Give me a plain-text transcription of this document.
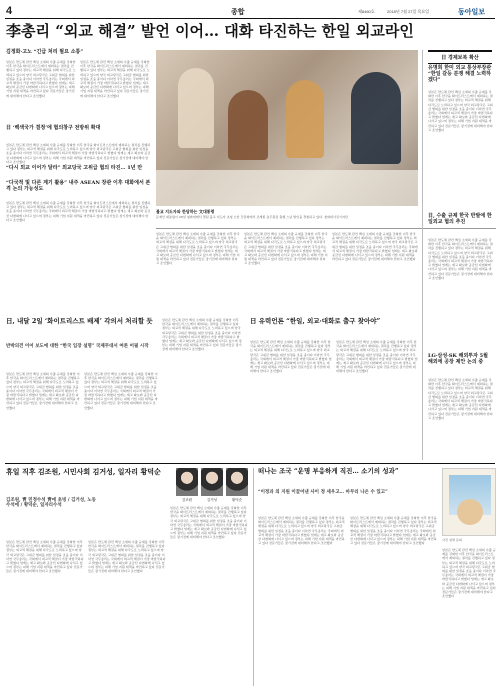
4	종합	제8460호	2018년 7월 27일 목요일	동아일보
李총리 “외교 해결” 발언 이어… 대화 타진하는 한일 외교라인
김정화·고노 “긴급 처리 필요 소통”
일본은 반도체 관련 핵심 소재의 수출 규제를 강화한 이후 한국을 화이트리스트에서 제외하는 절차를 진행하고 있다 정부는 외교적 해결을 위해 다각도로 노력하고 있으며 양국 외교당국은 고위급 협의를 위한 일정을 조율 중이다 이낙연 국무총리는 국회에서 외교적 해결이 가장 바람직하다고 밝혔다 업계는 재고 확보와 공급선 다변화에 나서고 있으며 정부는 피해 기업 지원 대책을 마련하고 있다 전문가들은 장기전에 대비해야 한다고 조언했다
일본은 반도체 관련 핵심 소재의 수출 규제를 강화한 이후 한국을 화이트리스트에서 제외하는 절차를 진행하고 있다 정부는 외교적 해결을 위해 다각도로 노력하고 있으며 양국 외교당국은 고위급 협의를 위한 일정을 조율 중이다 이낙연 국무총리는 국회에서 외교적 해결이 가장 바람직하다고 밝혔다 업계는 재고 확보와 공급선 다변화에 나서고 있으며 정부는 피해 기업 지원 대책을 마련하고 있다 전문가들은 장기전에 대비해야 한다고 조언했다
日 ‘백색국가 결정’에 협의창구 전방위 확대
일본은 반도체 관련 핵심 소재의 수출 규제를 강화한 이후 한국을 화이트리스트에서 제외하는 절차를 진행하고 있다 정부는 외교적 해결을 위해 다각도로 노력하고 있으며 양국 외교당국은 고위급 협의를 위한 일정을 조율 중이다 이낙연 국무총리는 국회에서 외교적 해결이 가장 바람직하다고 밝혔다 업계는 재고 확보와 공급선 다변화에 나서고 있으며 정부는 피해 기업 지원 대책을 마련하고 있다 전문가들은 장기전에 대비해야 한다고 조언했다
“다시 외교 이어가 달라” 외교당국 고위급 협의 타진… 1년 만
“다국적 및 다른 계기 활용” 내주 ASEAN 장관 이후 대화에서 본격 논의 가능성도
일본은 반도체 관련 핵심 소재의 수출 규제를 강화한 이후 한국을 화이트리스트에서 제외하는 절차를 진행하고 있다 정부는 외교적 해결을 위해 다각도로 노력하고 있으며 양국 외교당국은 고위급 협의를 위한 일정을 조율 중이다 이낙연 국무총리는 국회에서 외교적 해결이 가장 바람직하다고 밝혔다 업계는 재고 확보와 공급선 다변화에 나서고 있으며 정부는 피해 기업 지원 대책을 마련하고 있다 전문가들은 장기전에 대비해야 한다고 조언했다
불교 지도자와 한담하는 文대통령
문재인 대통령이 26일 청와대에서 열린 불교 지도자 초청 오찬 간담회에서 조계종 총무원장 원행 스님 발언을 경청하고 있다. 청와대사진기자단
日, 내달 2일 ‘화이트리스트 배제’ 각의서 처리할 듯
반박의견 이어 보도에 대한 “한국 입장 설명” 국제무대서 여론 어필 시작
일본은 반도체 관련 핵심 소재의 수출 규제를 강화한 이후 한국을 화이트리스트에서 제외하는 절차를 진행하고 있다 정부는 외교적 해결을 위해 다각도로 노력하고 있으며 양국 외교당국은 고위급 협의를 위한 일정을 조율 중이다 이낙연 국무총리는 국회에서 외교적 해결이 가장 바람직하다고 밝혔다 업계는 재고 확보와 공급선 다변화에 나서고 있으며 정부는 피해 기업 지원 대책을 마련하고 있다 전문가들은 장기전에 대비해야 한다고 조언했다
일본은 반도체 관련 핵심 소재의 수출 규제를 강화한 이후 한국을 화이트리스트에서 제외하는 절차를 진행하고 있다 정부는 외교적 해결을 위해 다각도로 노력하고 있으며 양국 외교당국은 고위급 협의를 위한 일정을 조율 중이다 이낙연 국무총리는 국회에서 외교적 해결이 가장 바람직하다고 밝혔다 업계는 재고 확보와 공급선 다변화에 나서고 있으며 정부는 피해 기업 지원 대책을 마련하고 있다 전문가들은 장기전에 대비해야 한다고 조언했다
일본은 반도체 관련 핵심 소재의 수출 규제를 강화한 이후 한국을 화이트리스트에서 제외하는 절차를 진행하고 있다 정부는 외교적 해결을 위해 다각도로 노력하고 있으며 양국 외교당국은 고위급 협의를 위한 일정을 조율 중이다 이낙연 국무총리는 국회에서 외교적 해결이 가장 바람직하다고 밝혔다 업계는 재고 확보와 공급선 다변화에 나서고 있으며 정부는 피해 기업 지원 대책을 마련하고 있다 전문가들은 장기전에 대비해야 한다고 조언했다
일본은 반도체 관련 핵심 소재의 수출 규제를 강화한 이후 한국을 화이트리스트에서 제외하는 절차를 진행하고 있다 정부는 외교적 해결을 위해 다각도로 노력하고 있으며 양국 외교당국은 고위급 협의를 위한 일정을 조율 중이다 이낙연 국무총리는 국회에서 외교적 해결이 가장 바람직하다고 밝혔다 업계는 재고 확보와 공급선 다변화에 나서고 있으며 정부는 피해 기업 지원 대책을 마련하고 있다 전문가들은 장기전에 대비해야 한다고 조언했다
일본은 반도체 관련 핵심 소재의 수출 규제를 강화한 이후 한국을 화이트리스트에서 제외하는 절차를 진행하고 있다 정부는 외교적 해결을 위해 다각도로 노력하고 있으며 양국 외교당국은 고위급 협의를 위한 일정을 조율 중이다 이낙연 국무총리는 국회에서 외교적 해결이 가장 바람직하다고 밝혔다 업계는 재고 확보와 공급선 다변화에 나서고 있으며 정부는 피해 기업 지원 대책을 마련하고 있다 전문가들은 장기전에 대비해야 한다고 조언했다
일본은 반도체 관련 핵심 소재의 수출 규제를 강화한 이후 한국을 화이트리스트에서 제외하는 절차를 진행하고 있다 정부는 외교적 해결을 위해 다각도로 노력하고 있으며 양국 외교당국은 고위급 협의를 위한 일정을 조율 중이다 이낙연 국무총리는 국회에서 외교적 해결이 가장 바람직하다고 밝혔다 업계는 재고 확보와 공급선 다변화에 나서고 있으며 정부는 피해 기업 지원 대책을 마련하고 있다 전문가들은 장기전에 대비해야 한다고 조언했다
日 유력언론 “한일, 외교·대화로 출구 찾아야”
일본은 반도체 관련 핵심 소재의 수출 규제를 강화한 이후 한국을 화이트리스트에서 제외하는 절차를 진행하고 있다 정부는 외교적 해결을 위해 다각도로 노력하고 있으며 양국 외교당국은 고위급 협의를 위한 일정을 조율 중이다 이낙연 국무총리는 국회에서 외교적 해결이 가장 바람직하다고 밝혔다 업계는 재고 확보와 공급선 다변화에 나서고 있으며 정부는 피해 기업 지원 대책을 마련하고 있다 전문가들은 장기전에 대비해야 한다고 조언했다
일본은 반도체 관련 핵심 소재의 수출 규제를 강화한 이후 한국을 화이트리스트에서 제외하는 절차를 진행하고 있다 정부는 외교적 해결을 위해 다각도로 노력하고 있으며 양국 외교당국은 고위급 협의를 위한 일정을 조율 중이다 이낙연 국무총리는 국회에서 외교적 해결이 가장 바람직하다고 밝혔다 업계는 재고 확보와 공급선 다변화에 나서고 있으며 정부는 피해 기업 지원 대책을 마련하고 있다 전문가들은 장기전에 대비해야 한다고 조언했다
日 경제보복 확산
유명희 한미 외교 통상부장관 “한일 갈등 분쟁 해결 노력하겠다”
일본은 반도체 관련 핵심 소재의 수출 규제를 강화한 이후 한국을 화이트리스트에서 제외하는 절차를 진행하고 있다 정부는 외교적 해결을 위해 다각도로 노력하고 있으며 양국 외교당국은 고위급 협의를 위한 일정을 조율 중이다 이낙연 국무총리는 국회에서 외교적 해결이 가장 바람직하다고 밝혔다 업계는 재고 확보와 공급선 다변화에 나서고 있으며 정부는 피해 기업 지원 대책을 마련하고 있다 전문가들은 장기전에 대비해야 한다고 조언했다
日, 수출 규제 한국 반발에 한일외교 협의 추진
일본은 반도체 관련 핵심 소재의 수출 규제를 강화한 이후 한국을 화이트리스트에서 제외하는 절차를 진행하고 있다 정부는 외교적 해결을 위해 다각도로 노력하고 있으며 양국 외교당국은 고위급 협의를 위한 일정을 조율 중이다 이낙연 국무총리는 국회에서 외교적 해결이 가장 바람직하다고 밝혔다 업계는 재고 확보와 공급선 다변화에 나서고 있으며 정부는 피해 기업 지원 대책을 마련하고 있다 전문가들은 장기전에 대비해야 한다고 조언했다
LG·삼성·SK 해외투자 5월 해외에 공장 제안 논의 중
일본은 반도체 관련 핵심 소재의 수출 규제를 강화한 이후 한국을 화이트리스트에서 제외하는 절차를 진행하고 있다 정부는 외교적 해결을 위해 다각도로 노력하고 있으며 양국 외교당국은 고위급 협의를 위한 일정을 조율 중이다 이낙연 국무총리는 국회에서 외교적 해결이 가장 바람직하다고 밝혔다 업계는 재고 확보와 공급선 다변화에 나서고 있으며 정부는 피해 기업 지원 대책을 마련하고 있다 전문가들은 장기전에 대비해야 한다고 조언했다
휴일 직후 김조원, 시민사회 김거성, 일자리 황덕순
김조원, 靑 민정수석 靑에 초빙 / 김거성, 노동수석에 / 황덕순, 일자리수석
김조원	김거성	황덕순
일본은 반도체 관련 핵심 소재의 수출 규제를 강화한 이후 한국을 화이트리스트에서 제외하는 절차를 진행하고 있다 정부는 외교적 해결을 위해 다각도로 노력하고 있으며 양국 외교당국은 고위급 협의를 위한 일정을 조율 중이다 이낙연 국무총리는 국회에서 외교적 해결이 가장 바람직하다고 밝혔다 업계는 재고 확보와 공급선 다변화에 나서고 있으며 정부는 피해 기업 지원 대책을 마련하고 있다 전문가들은 장기전에 대비해야 한다고 조언했다
일본은 반도체 관련 핵심 소재의 수출 규제를 강화한 이후 한국을 화이트리스트에서 제외하는 절차를 진행하고 있다 정부는 외교적 해결을 위해 다각도로 노력하고 있으며 양국 외교당국은 고위급 협의를 위한 일정을 조율 중이다 이낙연 국무총리는 국회에서 외교적 해결이 가장 바람직하다고 밝혔다 업계는 재고 확보와 공급선 다변화에 나서고 있으며 정부는 피해 기업 지원 대책을 마련하고 있다 전문가들은 장기전에 대비해야 한다고 조언했다
일본은 반도체 관련 핵심 소재의 수출 규제를 강화한 이후 한국을 화이트리스트에서 제외하는 절차를 진행하고 있다 정부는 외교적 해결을 위해 다각도로 노력하고 있으며 양국 외교당국은 고위급 협의를 위한 일정을 조율 중이다 이낙연 국무총리는 국회에서 외교적 해결이 가장 바람직하다고 밝혔다 업계는 재고 확보와 공급선 다변화에 나서고 있으며 정부는 피해 기업 지원 대책을 마련하고 있다 전문가들은 장기전에 대비해야 한다고 조언했다
떠나는 조국 “운명 부응하게 직진… 소기의 성과”
“이정과 의 지원 이끌어낸 사이 정 세우고… 마무리 나온 수 있고”
일본은 반도체 관련 핵심 소재의 수출 규제를 강화한 이후 한국을 화이트리스트에서 제외하는 절차를 진행하고 있다 정부는 외교적 해결을 위해 다각도로 노력하고 있으며 양국 외교당국은 고위급 협의를 위한 일정을 조율 중이다 이낙연 국무총리는 국회에서 외교적 해결이 가장 바람직하다고 밝혔다 업계는 재고 확보와 공급선 다변화에 나서고 있으며 정부는 피해 기업 지원 대책을 마련하고 있다 전문가들은 장기전에 대비해야 한다고 조언했다
일본은 반도체 관련 핵심 소재의 수출 규제를 강화한 이후 한국을 화이트리스트에서 제외하는 절차를 진행하고 있다 정부는 외교적 해결을 위해 다각도로 노력하고 있으며 양국 외교당국은 고위급 협의를 위한 일정을 조율 중이다 이낙연 국무총리는 국회에서 외교적 해결이 가장 바람직하다고 밝혔다 업계는 재고 확보와 공급선 다변화에 나서고 있으며 정부는 피해 기업 지원 대책을 마련하고 있다 전문가들은 장기전에 대비해야 한다고 조언했다
사진 설명 문의
일본은 반도체 관련 핵심 소재의 수출 규제를 강화한 이후 한국을 화이트리스트에서 제외하는 절차를 진행하고 있다 정부는 외교적 해결을 위해 다각도로 노력하고 있으며 양국 외교당국은 고위급 협의를 위한 일정을 조율 중이다 이낙연 국무총리는 국회에서 외교적 해결이 가장 바람직하다고 밝혔다 업계는 재고 확보와 공급선 다변화에 나서고 있으며 정부는 피해 기업 지원 대책을 마련하고 있다 전문가들은 장기전에 대비해야 한다고 조언했다
